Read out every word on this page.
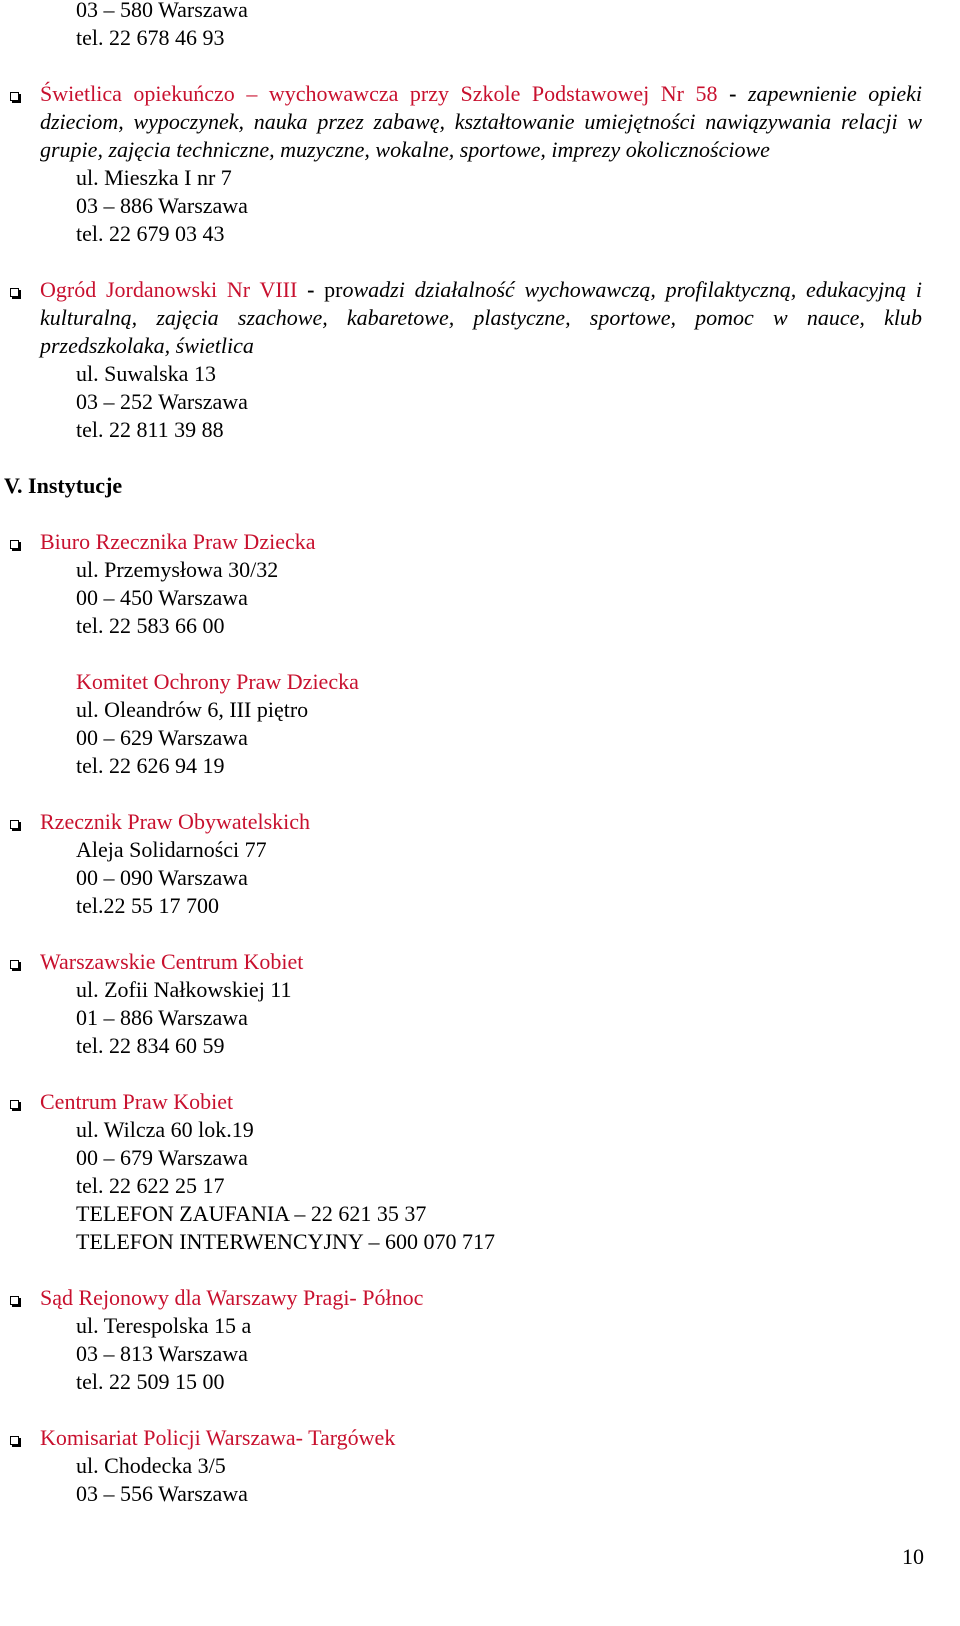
03 – 580 Warszawa
tel. 22 678 46 93
Świetlica opiekuńczo – wychowawcza przy Szkole Podstawowej Nr 58 - zapewnienie opieki dzieciom, wypoczynek, nauka przez zabawę, kształtowanie umiejętności nawiązywania relacji w grupie, zajęcia techniczne, muzyczne, wokalne, sportowe, imprezy okolicznościowe
ul. Mieszka I nr 7
03 – 886 Warszawa
tel. 22 679 03 43
Ogród Jordanowski Nr VIII - prowadzi działalność wychowawczą, profilaktyczną, edukacyjną i kulturalną, zajęcia szachowe, kabaretowe, plastyczne, sportowe, pomoc w nauce, klub przedszkolaka, świetlica
ul. Suwalska 13
03 – 252 Warszawa
tel. 22 811 39 88
V. Instytucje
Biuro Rzecznika Praw Dziecka
ul. Przemysłowa 30/32
00 – 450 Warszawa
tel. 22 583 66 00
Komitet Ochrony Praw Dziecka
ul. Oleandrów 6, III piętro
00 – 629 Warszawa
tel. 22 626 94 19
Rzecznik Praw Obywatelskich
Aleja Solidarności 77
00 – 090 Warszawa
tel.22 55 17 700
Warszawskie Centrum Kobiet
ul. Zofii Nałkowskiej 11
01 – 886 Warszawa
tel. 22 834 60 59
Centrum Praw Kobiet
ul. Wilcza 60 lok.19
00 – 679 Warszawa
tel. 22 622 25 17
TELEFON ZAUFANIA – 22 621 35 37
TELEFON INTERWENCYJNY – 600 070 717
Sąd Rejonowy dla Warszawy Pragi- Północ
ul. Terespolska 15 a
03 – 813 Warszawa
tel. 22 509 15 00
Komisariat Policji Warszawa- Targówek
ul. Chodecka 3/5
03 – 556 Warszawa
10
